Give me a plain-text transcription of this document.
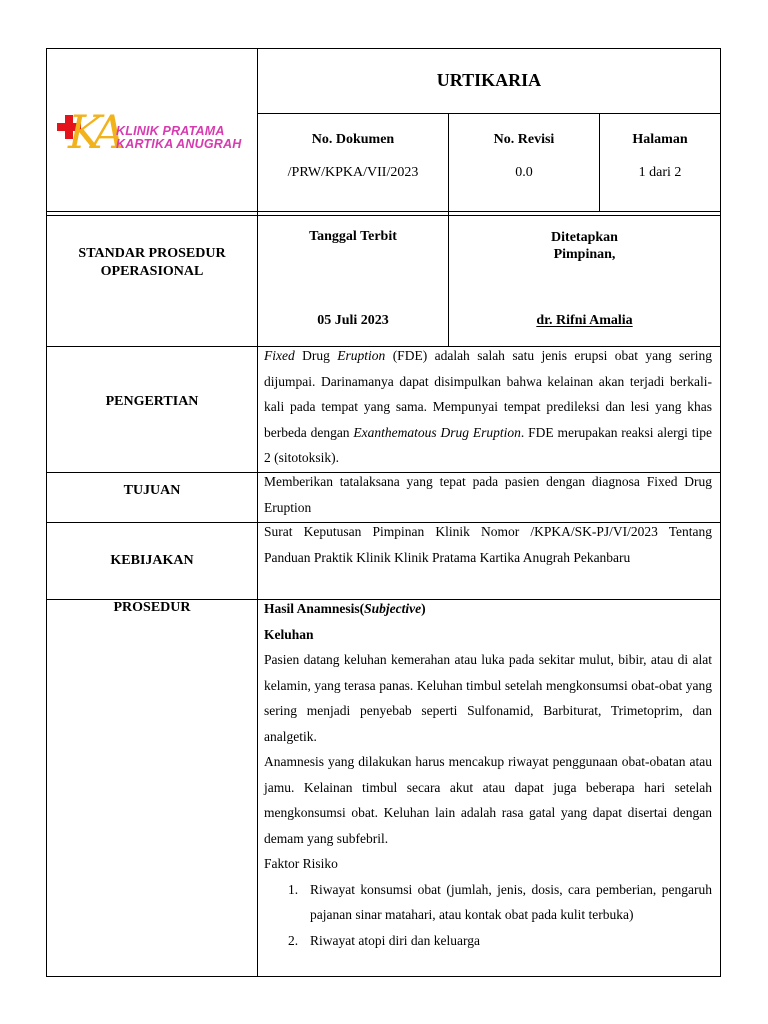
KA
KLINIK PRATAMA
KARTIKA ANUGRAH
URTIKARIA
No. Dokumen
/PRW/KPKA/VII/2023
No. Revisi
0.0
Halaman
1 dari 2
STANDAR PROSEDUR
OPERASIONAL
Tanggal Terbit
05 Juli 2023
Ditetapkan
Pimpinan,
dr. Rifni Amalia
PENGERTIAN
Fixed Drug Eruption (FDE) adalah salah satu jenis erupsi obat yang sering dijumpai. Darinamanya dapat disimpulkan bahwa kelainan akan terjadi berkali-kali pada tempat yang sama. Mempunyai tempat predileksi dan lesi yang khas berbeda dengan Exanthematous Drug Eruption. FDE merupakan reaksi alergi tipe 2 (sitotoksik).
TUJUAN
Memberikan tatalaksana yang tepat pada pasien dengan diagnosa Fixed Drug Eruption
KEBIJAKAN
Surat Keputusan Pimpinan Klinik Nomor /KPKA/SK-PJ/VI/2023 Tentang Panduan Praktik Klinik Klinik Pratama Kartika Anugrah Pekanbaru
PROSEDUR	Hasil Anamnesis(Subjective)
Keluhan
Pasien datang keluhan kemerahan atau luka pada sekitar mulut, bibir, atau di alat kelamin, yang terasa panas. Keluhan timbul setelah mengkonsumsi obat-obat yang sering menjadi penyebab seperti Sulfonamid, Barbiturat, Trimetoprim, dan analgetik.
Anamnesis yang dilakukan harus mencakup riwayat penggunaan obat-obatan atau jamu. Kelainan timbul secara akut atau dapat juga beberapa hari setelah mengkonsumsi obat. Keluhan lain adalah rasa gatal yang dapat disertai dengan demam yang subfebril.
Faktor Risiko
1. Riwayat konsumsi obat (jumlah, jenis, dosis, cara pemberian, pengaruh pajanan sinar matahari, atau kontak obat pada kulit terbuka)
2. Riwayat atopi diri dan keluarga
